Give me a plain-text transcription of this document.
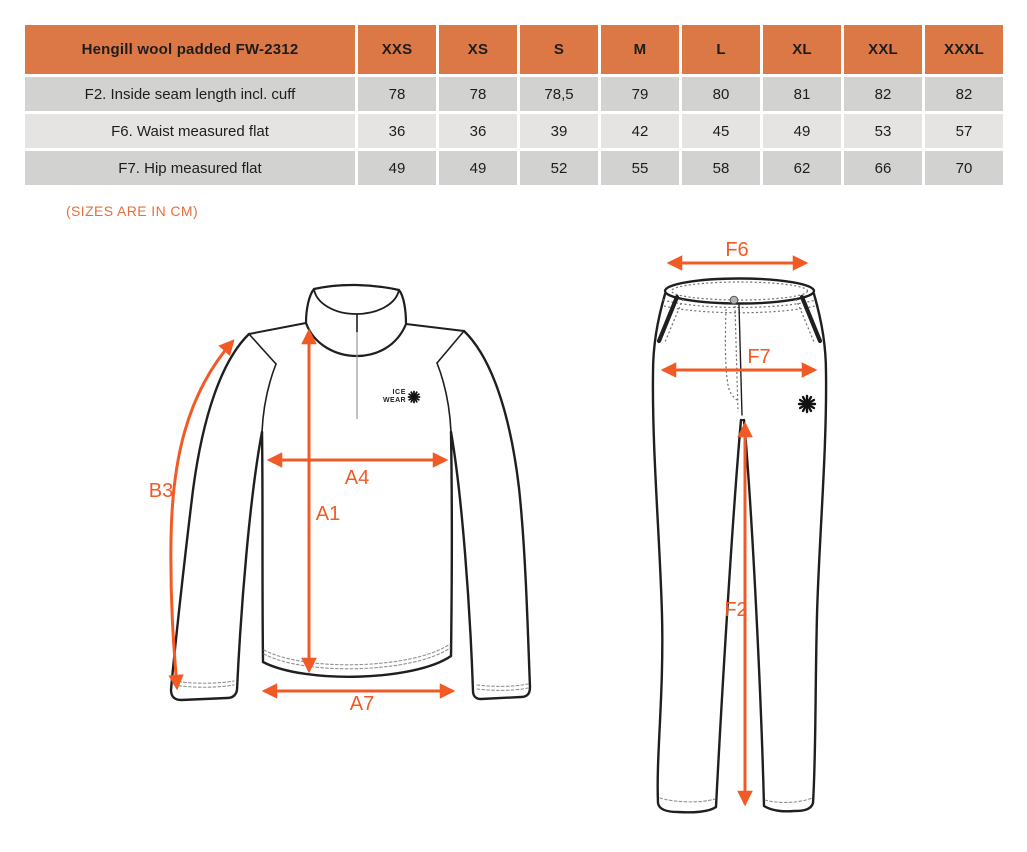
Hengill wool padded FW-2312	XXS	XS	S	M	L	XL	XXL	XXXL
F2. Inside seam length incl. cuff	78	78	78,5	79	80	81	82	82
F6. Waist measured flat	36	36	39	42	45	49	53	57
F7. Hip measured flat	49	49	52	55	58	62	66	70
(SIZES ARE IN CM)
ICE
WEAR
B3
A1
A4
A7
F6
F7
F2
